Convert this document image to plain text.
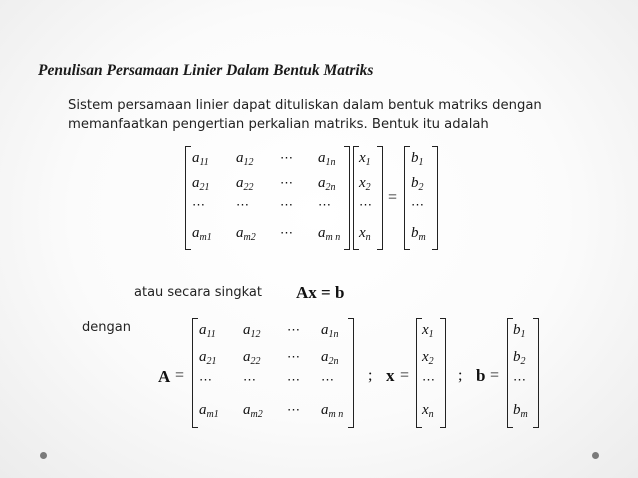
Penulisan Persamaan Linier Dalam Bentuk Matriks
Sistem persamaan linier dapat dituliskan dalam bentuk matriks dengan
memanfaatkan pengertian perkalian matriks. Bentuk itu adalah
$a_{11}$ $a_{12}$ ⋯ $a_{1n}$
$a_{21}$ $a_{22}$ ⋯ $a_{2n}$
⋯ ⋯ ⋯ ⋯
$a_{m1}$ $a_{m2}$ ⋯ $a_{m n}$
$x_1$
$x_2$
⋯
$x_n$
=
$b_1$
$b_2$
⋯
$b_m$
atau secara singkat Ax = b
dengan
A =
$a_{11}$ $a_{12}$ ⋯ $a_{1n}$
$a_{21}$ $a_{22}$ ⋯ $a_{2n}$
⋯ ⋯ ⋯ ⋯
$a_{m1}$ $a_{m2}$ ⋯ $a_{m n}$
; x =
$x_1$
$x_2$
⋯
$x_n$
; b =
$b_1$
$b_2$
⋯
$b_m$
